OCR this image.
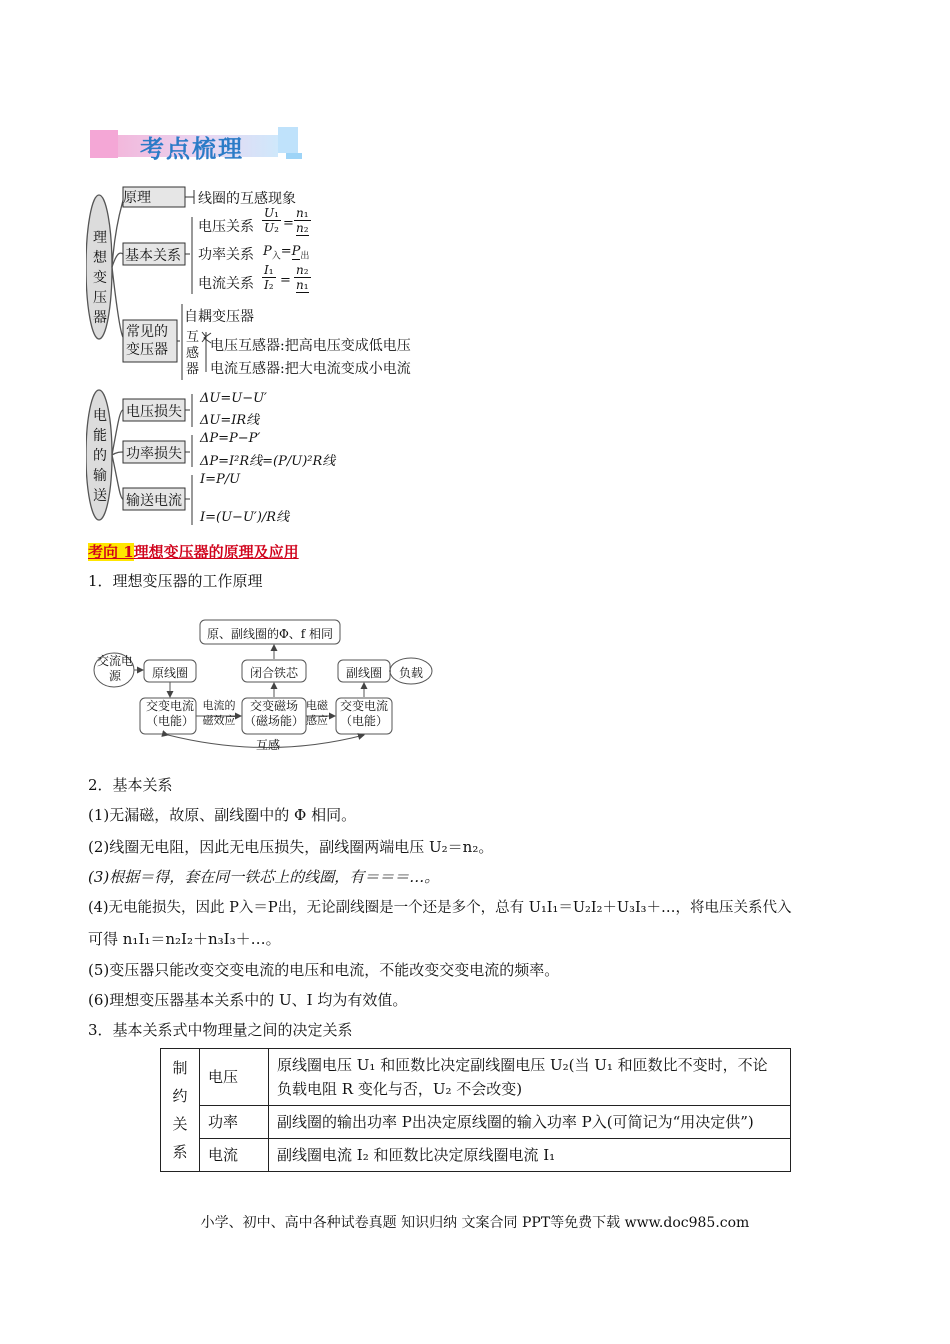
考点梳理
理
想
变
压
器
电
能
的
输
送
原理	线圈的互感现象
基本关系
电压关系
U₁
U₂ =
n₁
n₂
功率关系 $P_入=P_出$
电流关系
I₁
I₂ =
n₂
n₁
常见的变压器
自耦变压器
互感器
电压互感器:把高电压变成低电压
电流互感器:把大电流变成小电流
电压损失
ΔU=U−U′
ΔU=IR线
功率损失
ΔP=P−P′
ΔP=I²R线=(P/U)²R线
输送电流
I=P/U
I=(U−U′)/R线
考向 1理想变压器的原理及应用
1．理想变压器的工作原理
原、副线圈的Φ、f 相同
交流电源	原线圈	闭合铁芯	副线圈	负载
交变电流（电能）
交变磁场（磁场能）
交变电流（电能）
电流的磁效应
电磁感应
互感
2．基本关系
(1)无漏磁，故原、副线圈中的 Φ 相同。
(2)线圈无电阻，因此无电压损失，副线圈两端电压 U₂＝n₂。
(3)根据＝得，套在同一铁芯上的线圈，有＝＝＝…。
(4)无电能损失，因此 P入＝P出，无论副线圈是一个还是多个，总有 U₁I₁＝U₂I₂＋U₃I₃＋…，将电压关系代入
可得 n₁I₁＝n₂I₂＋n₃I₃＋…。
(5)变压器只能改变交变电流的电压和电流，不能改变交变电流的频率。
(6)理想变压器基本关系中的 U、I 均为有效值。
3．基本关系式中物理量之间的决定关系
制约关系	电压	原线圈电压 U₁ 和匝数比决定副线圈电压 U₂(当 U₁ 和匝数比不变时，不论负载电阻 R 变化与否，U₂ 不会改变)
	功率	副线圈的输出功率 P出决定原线圈的输入功率 P入(可简记为“用决定供”)
	电流	副线圈电流 I₂ 和匝数比决定原线圈电流 I₁
小学、初中、高中各种试卷真题 知识归纳 文案合同 PPT等免费下载 www.doc985.com
